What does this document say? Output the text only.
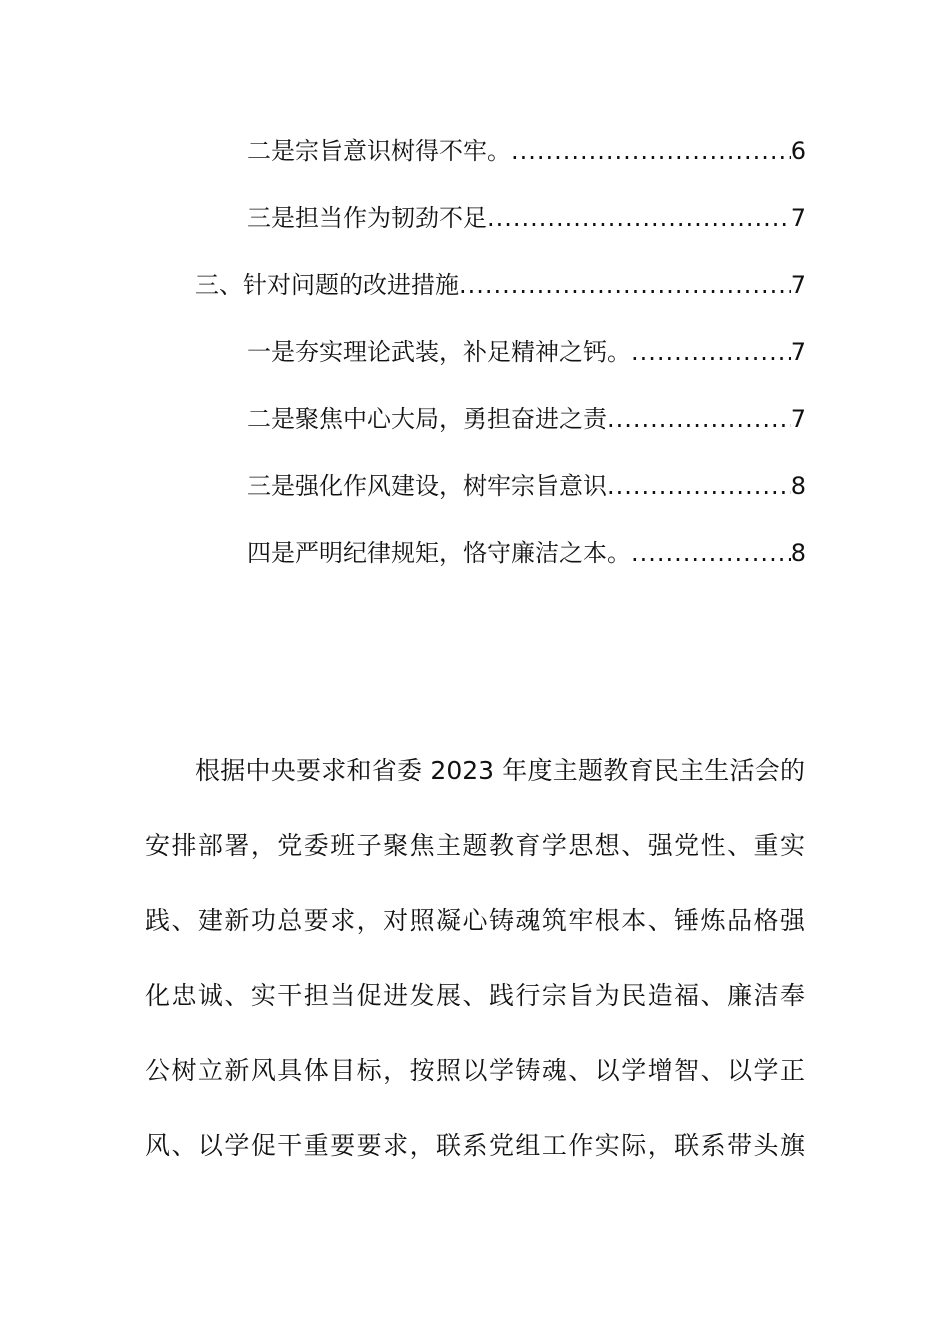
二是宗旨意识树得不牢。 .....	6
三是担当作为韧劲不足 .....	7
三、针对问题的改进措施 .....	7
一是夯实理论武装，补足精神之钙。 .....	7
二是聚焦中心大局，勇担奋进之责 .....	7
三是强化作风建设，树牢宗旨意识 .....	8
四是严明纪律规矩，恪守廉洁之本。 .....	8
根据中央要求和省委 2023 年度主题教育民主生活会的
安排部署，党委班子聚焦主题教育学思想、强党性、重实
践、建新功总要求，对照凝心铸魂筑牢根本、锤炼品格强
化忠诚、实干担当促进发展、践行宗旨为民造福、廉洁奉
公树立新风具体目标，按照以学铸魂、以学增智、以学正
风、以学促干重要要求，联系党组工作实际，联系带头旗
